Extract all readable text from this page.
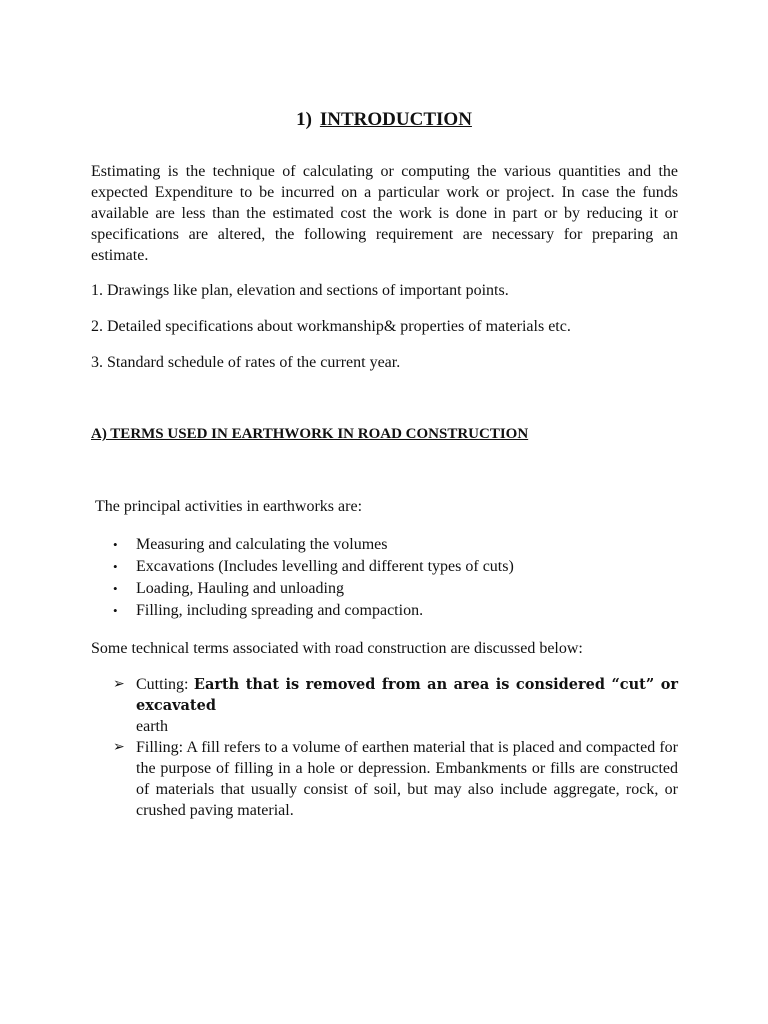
1) INTRODUCTION
Estimating is the technique of calculating or computing the various quantities and the expected Expenditure to be incurred on a particular work or project. In case the funds available are less than the estimated cost the work is done in part or by reducing it or specifications are altered, the following requirement are necessary for preparing an estimate.
1. Drawings like plan, elevation and sections of important points.
2. Detailed specifications about workmanship& properties of materials etc.
3. Standard schedule of rates of the current year.
A) TERMS USED IN EARTHWORK IN ROAD CONSTRUCTION
The principal activities in earthworks are:
• Measuring and calculating the volumes
• Excavations (Includes levelling and different types of cuts)
• Loading, Hauling and unloading
• Filling, including spreading and compaction.
Some technical terms associated with road construction are discussed below:
➢ Cutting: Earth that is removed from an area is considered “cut” or excavated
earth
➢ Filling: A fill refers to a volume of earthen material that is placed and compacted for the purpose of filling in a hole or depression. Embankments or fills are constructed of materials that usually consist of soil, but may also include aggregate, rock, or crushed paving material.
